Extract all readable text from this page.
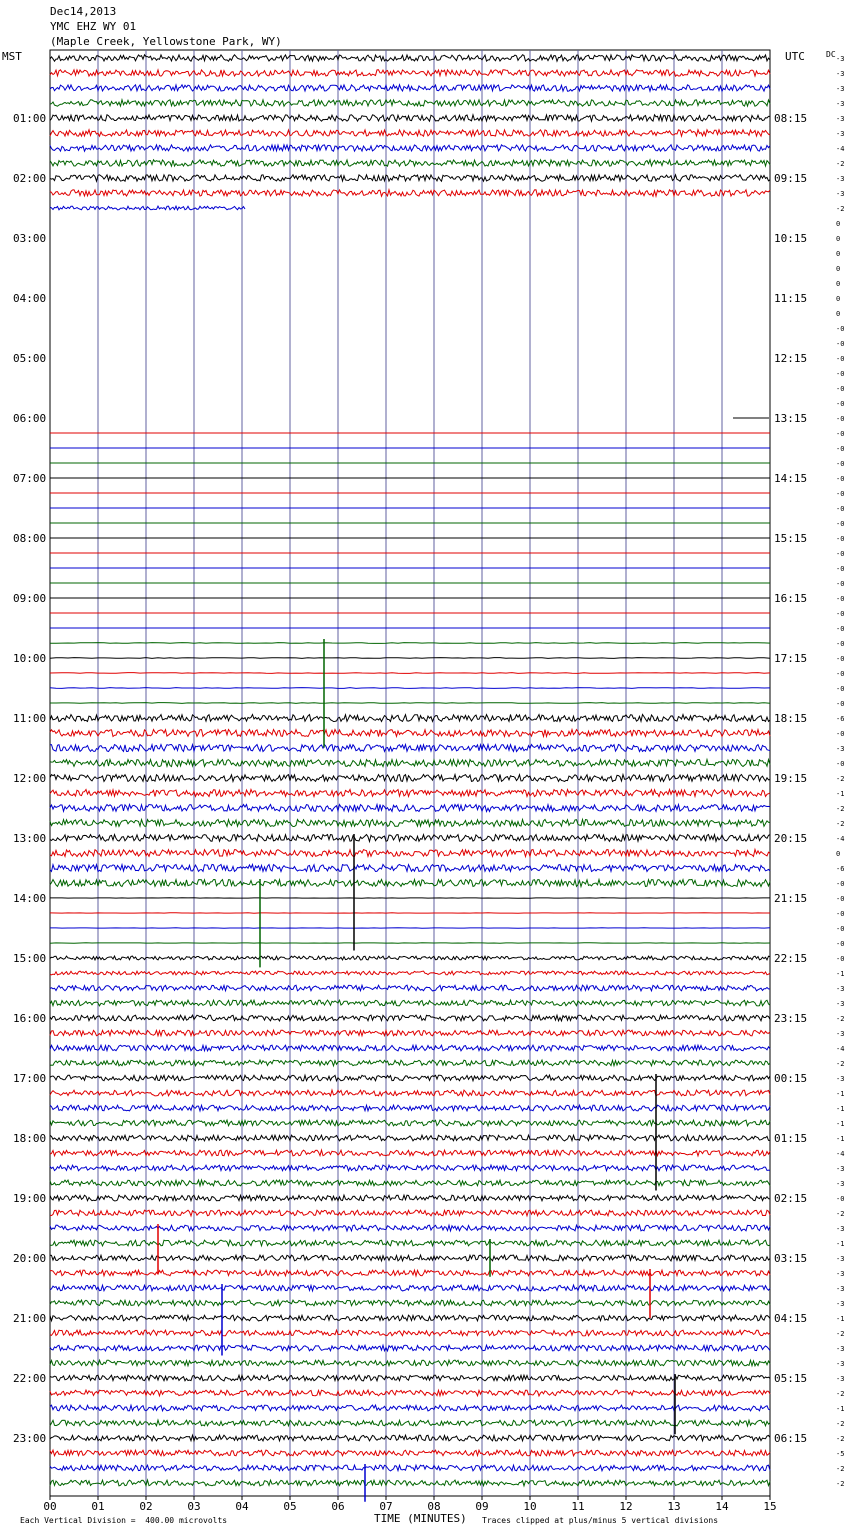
Dec14,2013
YMC EHZ WY 01
(Maple Creek, Yellowstone Park, WY)
MST	UTC	DC -3
-3
-3
-3
-3
-3
-4
-2
-3
-3
-2
0
0
0
0
0
0
0
-0
-0
-0
-0
-0
-0
-0
-0
-0
-0
-0
-0
-0
-0
-0
-0
-0
-0
-0
-0
-0
-0
-0
-0
-0
-0
-6
-0
-3
-0
-2
-1
-2
-2
-4
0
-6
-0
-0
-0
-0
-0
-0
-1
-3
-3
-2
-3
-4
-2
-3
-1
-1
-1
-1
-4
-3
-3
-0
-2
-3
-1
-3
-3
-3
-3
-1
-2
-3
-3
-3
-2
-1
-2
-2
-5
-2
-2
01:00
02:00
03:00
04:00
05:00
06:00
07:00
08:00
09:00
10:00
11:00
12:00
13:00
14:00
15:00
16:00
17:00
18:00
19:00
20:00
21:00
22:00
23:00
08:15
09:15
10:15
11:15
12:15
13:15
14:15
15:15
16:15
17:15
18:15
19:15
20:15
21:15
22:15
23:15
00:15
01:15
02:15
03:15
04:15
05:15
06:15
00	01	02	03	04	05	06	07	08	09	10	11	12	13	14	15
Each Vertical Division =  400.00 microvolts	TIME (MINUTES) Traces clipped at plus/minus 5 vertical divisions
